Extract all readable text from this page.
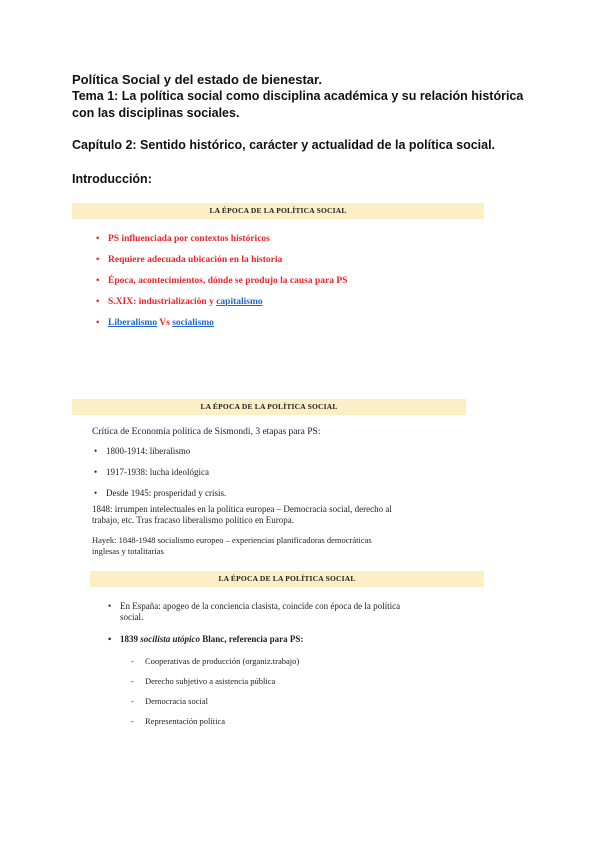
Política Social y del estado de bienestar.
Tema 1: La política social como disciplina académica y su relación histórica
con las disciplinas sociales.
Capítulo 2: Sentido histórico, carácter y actualidad de la política social.
Introducción:
LA ÉPOCA DE LA POLÍTICA SOCIAL
• PS influenciada por contextos históricos
• Requiere adecuada ubicación en la historia
• Época, acontecimientos, dónde se produjo la causa para PS
• S.XIX: industrialización y capitalismo
• Liberalismo Vs socialismo
LA ÉPOCA DE LA POLÍTICA SOCIAL
Crítica de Economía política de Sismondi, 3 etapas para PS:
• 1800-1914: liberalismo
• 1917-1938: lucha ideológica
• Desde 1945: prosperidad y crisis.
1848: irrumpen intelectuales en la política europea – Democracia social, derecho al
trabajo, etc. Tras fracaso liberalismo político en Europa.
Hayek: 1848-1948 socialismo europeo – experiencias planificadoras democráticas
inglesas y totalitarias
LA ÉPOCA DE LA POLÍTICA SOCIAL
• En España: apogeo de la conciencia clasista, coincide con época de la política
social.
• 1839 socilista utópico Blanc, referencia para PS:
- Cooperativas de producción (organiz.trabajo)
- Derecho subjetivo a asistencia pública
- Democracia social
- Representación política
